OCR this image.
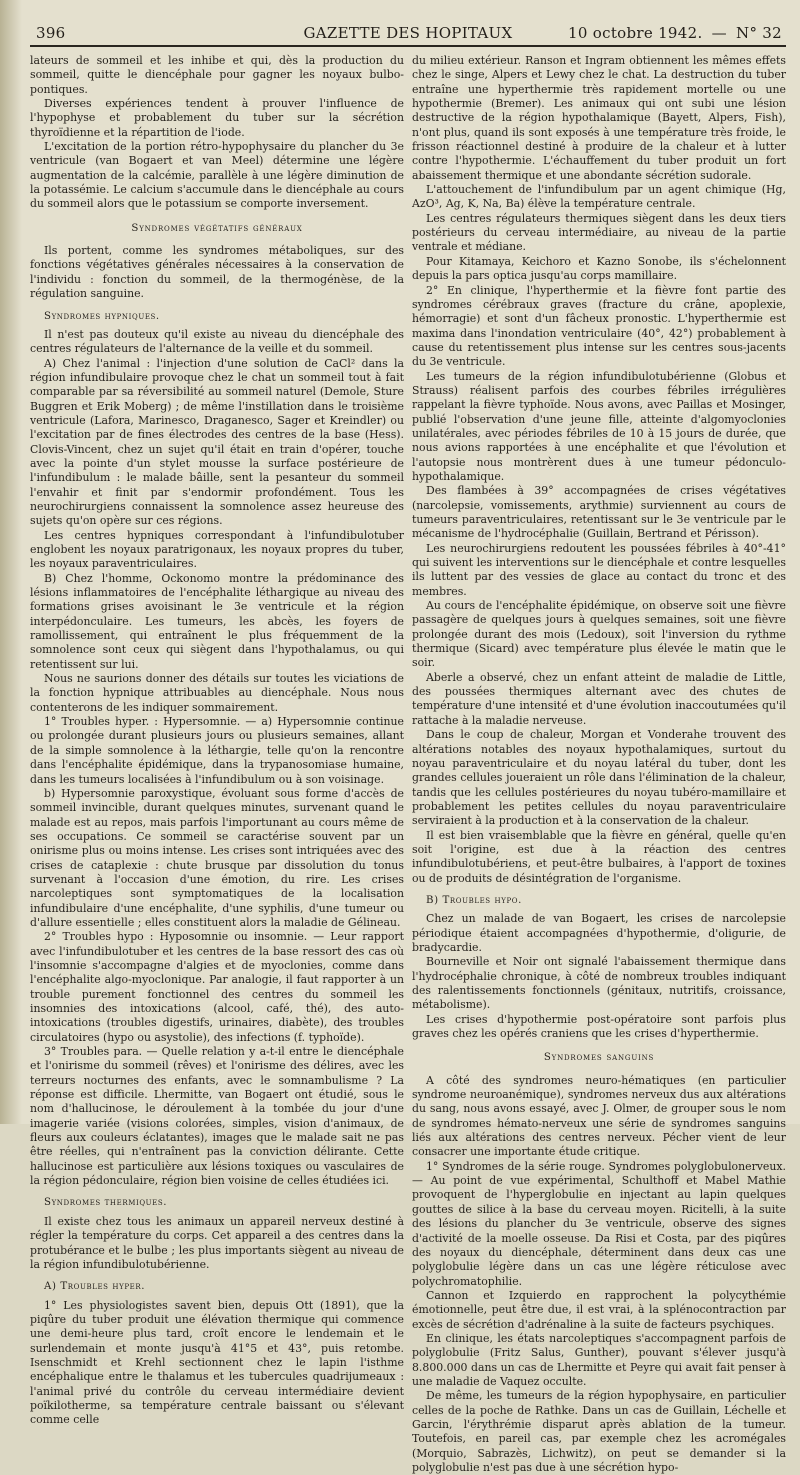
396	GAZETTE DES HOPITAUX	10 octobre 1942. — N° 32

lateurs de sommeil et les inhibe et qui, dès la production du sommeil, quitte le diencéphale pour gagner les noyaux bulbo-pontiques.

Diverses expériences tendent à prouver l'influence de l'hypophyse et probablement du tuber sur la sécrétion thyroïdienne et la répartition de l'iode.

L'excitation de la portion rétro-hypophysaire du plancher du 3e ventricule (van Bogaert et van Meel) détermine une légère augmentation de la calcémie, parallèle à une légère diminution de la potassémie. Le calcium s'accumule dans le diencéphale au cours du sommeil alors que le potassium se comporte inversement.

Syndromes végétatifs généraux

Ils portent, comme les syndromes métaboliques, sur des fonctions végétatives générales nécessaires à la conservation de l'individu : fonction du sommeil, de la thermogénèse, de la régulation sanguine.

Syndromes hypniques.

Il n'est pas douteux qu'il existe au niveau du diencéphale des centres régulateurs de l'alternance de la veille et du sommeil.

A) Chez l'animal : l'injection d'une solution de CaCl² dans la région infundibulaire provoque chez le chat un sommeil tout à fait comparable par sa réversibilité au sommeil naturel (Demole, Sture Buggren et Erik Moberg) ; de même l'instillation dans le troisième ventricule (Lafora, Marinesco, Draganesco, Sager et Kreindler) ou l'excitation par de fines électrodes des centres de la base (Hess). Clovis-Vincent, chez un sujet qu'il était en train d'opérer, touche avec la pointe d'un stylet mousse la surface postérieure de l'infundibulum : le malade bâille, sent la pesanteur du sommeil l'envahir et finit par s'endormir profondément. Tous les neurochirurgiens connaissent la somnolence assez heureuse des sujets qu'on opère sur ces régions.

Les centres hypniques correspondant à l'infundibulotuber englobent les noyaux paratrigonaux, les noyaux propres du tuber, les noyaux paraventriculaires.

B) Chez l'homme, Ockonomo montre la prédominance des lésions inflammatoires de l'encéphalite léthargique au niveau des formations grises avoisinant le 3e ventricule et la région interpédonculaire. Les tumeurs, les abcès, les foyers de ramollissement, qui entraînent le plus fréquemment de la somnolence sont ceux qui siègent dans l'hypothalamus, ou qui retentissent sur lui.

Nous ne saurions donner des détails sur toutes les viciations de la fonction hypnique attribuables au diencéphale. Nous nous contenterons de les indiquer sommairement.

1° Troubles hyper. : Hypersomnie. — a) Hypersomnie continue ou prolongée durant plusieurs jours ou plusieurs semaines, allant de la simple somnolence à la léthargie, telle qu'on la rencontre dans l'encéphalite épidémique, dans la trypanosomiase humaine, dans les tumeurs localisées à l'infundibulum ou à son voisinage.

b) Hypersomnie paroxystique, évoluant sous forme d'accès de sommeil invincible, durant quelques minutes, survenant quand le malade est au repos, mais parfois l'importunant au cours même de ses occupations. Ce sommeil se caractérise souvent par un onirisme plus ou moins intense. Les crises sont intriquées avec des crises de cataplexie : chute brusque par dissolution du tonus survenant à l'occasion d'une émotion, du rire. Les crises narcoleptiques sont symptomatiques de la localisation infundibulaire d'une encéphalite, d'une syphilis, d'une tumeur ou d'allure essentielle ; elles constituent alors la maladie de Gélineau.

2° Troubles hypo : Hyposomnie ou insomnie. — Leur rapport avec l'infundibulotuber et les centres de la base ressort des cas où l'insomnie s'accompagne d'algies et de myoclonies, comme dans l'encéphalite algo-myoclonique. Par analogie, il faut rapporter à un trouble purement fonctionnel des centres du sommeil les insomnies des intoxications (alcool, café, thé), des auto-intoxications (troubles digestifs, urinaires, diabète), des troubles circulatoires (hypo ou asystolie), des infections (f. typhoïde).

3° Troubles para. — Quelle relation y a-t-il entre le diencéphale et l'onirisme du sommeil (rêves) et l'onirisme des délires, avec les terreurs nocturnes des enfants, avec le somnambulisme ? La réponse est difficile. Lhermitte, van Bogaert ont étudié, sous le nom d'hallucinose, le déroulement à la tombée du jour d'une imagerie variée (visions colorées, simples, vision d'animaux, de fleurs aux couleurs éclatantes), images que le malade sait ne pas être réelles, qui n'entraînent pas la conviction délirante. Cette hallucinose est particulière aux lésions toxiques ou vasculaires de la région pédonculaire, région bien voisine de celles étudiées ici.

Syndromes thermiques.

Il existe chez tous les animaux un appareil nerveux destiné à régler la température du corps. Cet appareil a des centres dans la protubérance et le bulbe ; les plus importants siègent au niveau de la région infundibulotubérienne.

A) Troubles hyper.

1° Les physiologistes savent bien, depuis Ott (1891), que la piqûre du tuber produit une élévation thermique qui commence une demi-heure plus tard, croît encore le lendemain et le surlendemain et monte jusqu'à 41°5 et 43°, puis retombe. Isenschmidt et Krehl sectionnent chez le lapin l'isthme encéphalique entre le thalamus et les tubercules quadrijumeaux : l'animal privé du contrôle du cerveau intermédiaire devient poïkilotherme, sa température centrale baissant ou s'élevant comme celle

du milieu extérieur. Ranson et Ingram obtiennent les mêmes effets chez le singe, Alpers et Lewy chez le chat. La destruction du tuber entraîne une hyperthermie très rapidement mortelle ou une hypothermie (Bremer). Les animaux qui ont subi une lésion destructive de la région hypothalamique (Bayett, Alpers, Fish), n'ont plus, quand ils sont exposés à une température très froide, le frisson réactionnel destiné à produire de la chaleur et à lutter contre l'hypothermie. L'échauffement du tuber produit un fort abaissement thermique et une abondante sécrétion sudorale.

L'attouchement de l'infundibulum par un agent chimique (Hg, AzO³, Ag, K, Na, Ba) élève la température centrale.

Les centres régulateurs thermiques siègent dans les deux tiers postérieurs du cerveau intermédiaire, au niveau de la partie ventrale et médiane.

Pour Kitamaya, Keichoro et Kazno Sonobe, ils s'échelonnent depuis la pars optica jusqu'au corps mamillaire.

2° En clinique, l'hyperthermie et la fièvre font partie des syndromes cérébraux graves (fracture du crâne, apoplexie, hémorragie) et sont d'un fâcheux pronostic. L'hyperthermie est maxima dans l'inondation ventriculaire (40°, 42°) probablement à cause du retentissement plus intense sur les centres sous-jacents du 3e ventricule.

Les tumeurs de la région infundibulotubérienne (Globus et Strauss) réalisent parfois des courbes fébriles irrégulières rappelant la fièvre typhoïde. Nous avons, avec Paillas et Mosinger, publié l'observation d'une jeune fille, atteinte d'algomyoclonies unilatérales, avec périodes fébriles de 10 à 15 jours de durée, que nous avions rapportées à une encéphalite et que l'évolution et l'autopsie nous montrèrent dues à une tumeur pédonculo-hypothalamique.

Des flambées à 39° accompagnées de crises végétatives (narcolepsie, vomissements, arythmie) surviennent au cours de tumeurs paraventriculaires, retentissant sur le 3e ventricule par le mécanisme de l'hydrocéphalie (Guillain, Bertrand et Périsson).

Les neurochirurgiens redoutent les poussées fébriles à 40°-41° qui suivent les interventions sur le diencéphale et contre lesquelles ils luttent par des vessies de glace au contact du tronc et des membres.

Au cours de l'encéphalite épidémique, on observe soit une fièvre passagère de quelques jours à quelques semaines, soit une fièvre prolongée durant des mois (Ledoux), soit l'inversion du rythme thermique (Sicard) avec température plus élevée le matin que le soir.

Aberle a observé, chez un enfant atteint de maladie de Little, des poussées thermiques alternant avec des chutes de température d'une intensité et d'une évolution inaccoutumées qu'il rattache à la maladie nerveuse.

Dans le coup de chaleur, Morgan et Vonderahe trouvent des altérations notables des noyaux hypothalamiques, surtout du noyau paraventriculaire et du noyau latéral du tuber, dont les grandes cellules joueraient un rôle dans l'élimination de la chaleur, tandis que les cellules postérieures du noyau tubéro-mamillaire et probablement les petites cellules du noyau paraventriculaire serviraient à la production et à la conservation de la chaleur.

Il est bien vraisemblable que la fièvre en général, quelle qu'en soit l'origine, est due à la réaction des centres infundibulotubériens, et peut-être bulbaires, à l'apport de toxines ou de produits de désintégration de l'organisme.

B) Troubles hypo.

Chez un malade de van Bogaert, les crises de narcolepsie périodique étaient accompagnées d'hypothermie, d'oligurie, de bradycardie.

Bourneville et Noir ont signalé l'abaissement thermique dans l'hydrocéphalie chronique, à côté de nombreux troubles indiquant des ralentissements fonctionnels (génitaux, nutritifs, croissance, métabolisme).

Les crises d'hypothermie post-opératoire sont parfois plus graves chez les opérés craniens que les crises d'hyperthermie.

Syndromes sanguins

A côté des syndromes neuro-hématiques (en particulier syndrome neuroanémique), syndromes nerveux dus aux altérations du sang, nous avons essayé, avec J. Olmer, de grouper sous le nom de syndromes hémato-nerveux une série de syndromes sanguins liés aux altérations des centres nerveux. Pécher vient de leur consacrer une importante étude critique.

1° Syndromes de la série rouge. Syndromes polyglobulonerveux. — Au point de vue expérimental, Schulthoff et Mabel Mathie provoquent de l'hyperglobulie en injectant au lapin quelques gouttes de silice à la base du cerveau moyen. Ricitelli, à la suite des lésions du plancher du 3e ventricule, observe des signes d'activité de la moelle osseuse. Da Risi et Costa, par des piqûres des noyaux du diencéphale, déterminent dans deux cas une polyglobulie légère dans un cas une légère réticulose avec polychromatophilie.

Cannon et Izquierdo en rapprochent la polycythémie émotionnelle, peut être due, il est vrai, à la splénocontraction par excès de sécrétion d'adrénaline à la suite de facteurs psychiques.

En clinique, les états narcoleptiques s'accompagnent parfois de polyglobulie (Fritz Salus, Gunther), pouvant s'élever jusqu'à 8.800.000 dans un cas de Lhermitte et Peyre qui avait fait penser à une maladie de Vaquez occulte.

De même, les tumeurs de la région hypophysaire, en particulier celles de la poche de Rathke. Dans un cas de Guillain, Léchelle et Garcin, l'érythrémie disparut après ablation de la tumeur. Toutefois, en pareil cas, par exemple chez les acromégales (Morquio, Sabrazès, Lichwitz), on peut se demander si la polyglobulie n'est pas due à une sécrétion hypo-
